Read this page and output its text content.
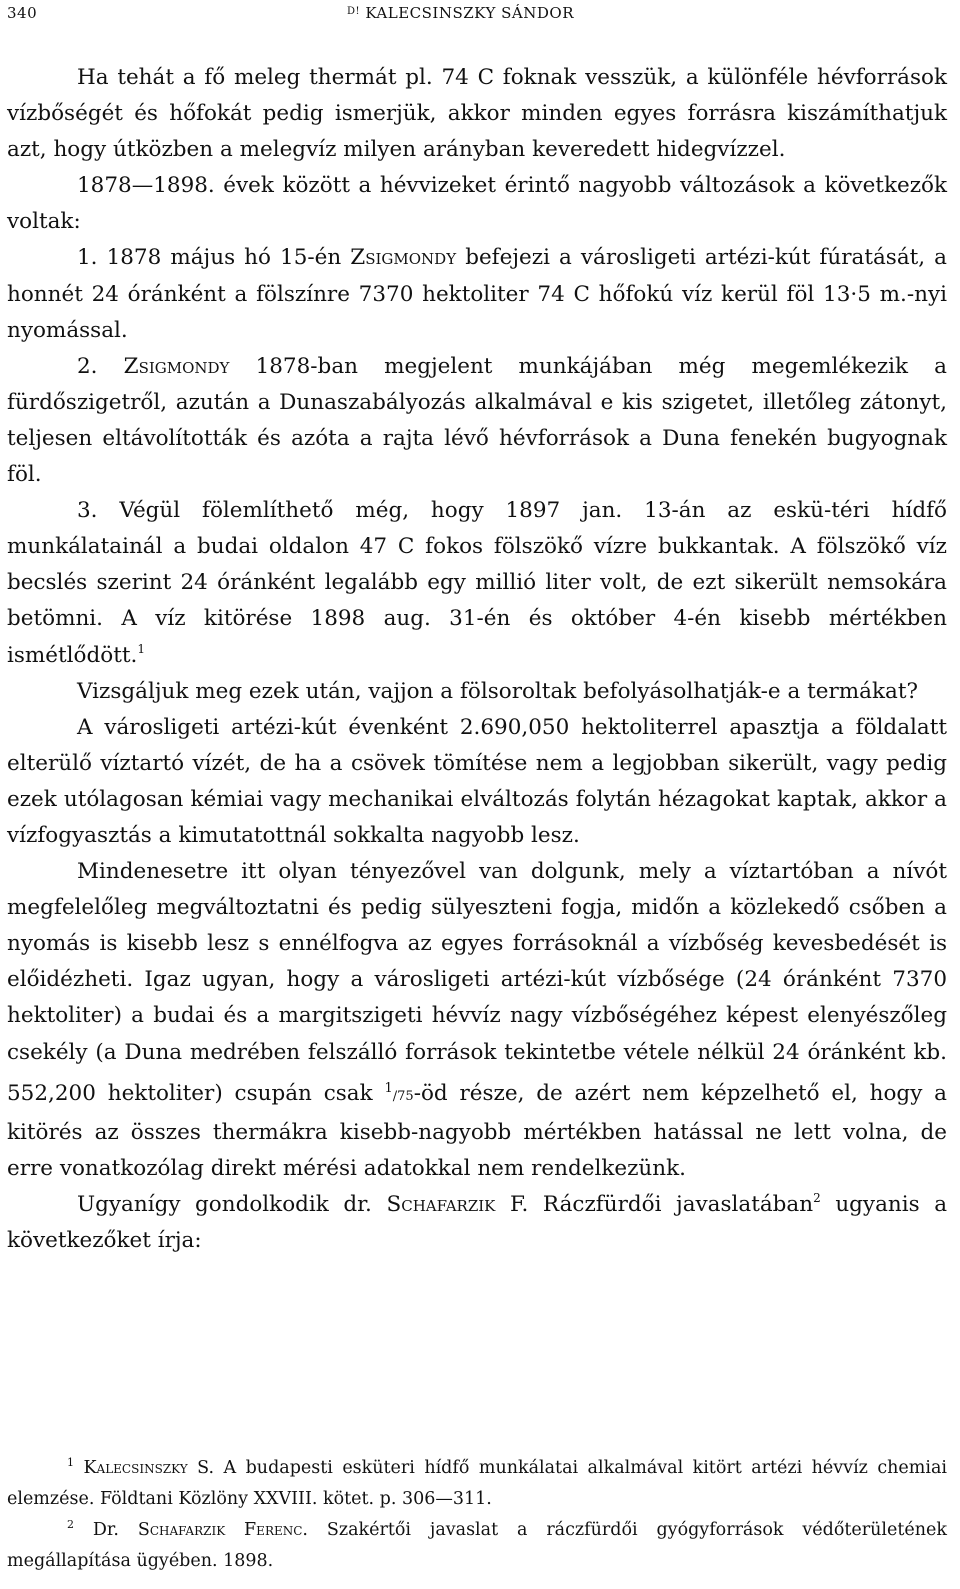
340	$^{D!}$ KALECSINSZKY SÁNDOR

Ha tehát a fő meleg thermát pl. 74 C foknak vesszük, a különféle hévforrások vízbőségét és hőfokát pedig ismerjük, akkor minden egyes forrásra kiszámíthatjuk azt, hogy útközben a melegvíz milyen arányban keveredett hidegvízzel.

1878—1898. évek között a hévvizeket érintő nagyobb változások a következők voltak:

1. 1878 május hó 15-én Zsigmondy befejezi a városligeti artézi-kút fúratását, a honnét 24 óránként a fölszínre 7370 hektoliter 74 C hőfokú víz kerül föl 13·5 m.-nyi nyomással.

2. Zsigmondy 1878-ban megjelent munkájában még megemlékezik a fürdőszigetről, azután a Dunaszabályozás alkalmával e kis szigetet, illetőleg zátonyt, teljesen eltávolították és azóta a rajta lévő hévforrások a Duna fenekén bugyognak föl.

3. Végül fölemlíthető még, hogy 1897 jan. 13-án az eskü-téri hídfő munkálatainál a budai oldalon 47 C fokos fölszökő vízre bukkantak. A fölszökő víz becslés szerint 24 óránként legalább egy millió liter volt, de ezt sikerült nemsokára betömni. A víz kitörése 1898 aug. 31-én és október 4-én kisebb mértékben ismétlődött.$^1$

Vizsgáljuk meg ezek után, vajjon a fölsoroltak befolyásolhatják-e a termákat?

A városligeti artézi-kút évenként 2.690,050 hektoliterrel apasztja a földalatt elterülő víztartó vízét, de ha a csövek tömítése nem a legjobban sikerült, vagy pedig ezek utólagosan kémiai vagy mechanikai elváltozás folytán hézagokat kaptak, akkor a vízfogyasztás a kimutatottnál sokkalta nagyobb lesz.

Mindenesetre itt olyan tényezővel van dolgunk, mely a víztartóban a nívót megfelelőleg megváltoztatni és pedig sülyeszteni fogja, midőn a közlekedő csőben a nyomás is kisebb lesz s ennélfogva az egyes forrásoknál a vízbőség kevesbedését is előidézheti. Igaz ugyan, hogy a városligeti artézi-kút vízbősége (24 óránként 7370 hektoliter) a budai és a margitszigeti hévvíz nagy vízbőségéhez képest elenyészőleg csekély (a Duna medrében felszálló források tekintetbe vétele nélkül 24 óránként kb. 552,200 hektoliter) csupán csak $^1$/75-öd része, de azért nem képzelhető el, hogy a kitörés az összes thermákra kisebb-nagyobb mértékben hatással ne lett volna, de erre vonatkozólag direkt mérési adatokkal nem rendelkezünk.

Ugyanígy gondolkodik dr. Schafarzik F. Ráczfürdői javaslatában$^2$ ugyanis a következőket írja:

$^1$ Kalecsinszky S. A budapesti esküteri hídfő munkálatai alkalmával kitört artézi hévvíz chemiai elemzése. Földtani Közlöny XXVIII. kötet. p. 306—311.

$^2$ Dr. Schafarzik Ferenc. Szakértői javaslat a ráczfürdői gyógyforrások védőterületének megállapítása ügyében. 1898.
